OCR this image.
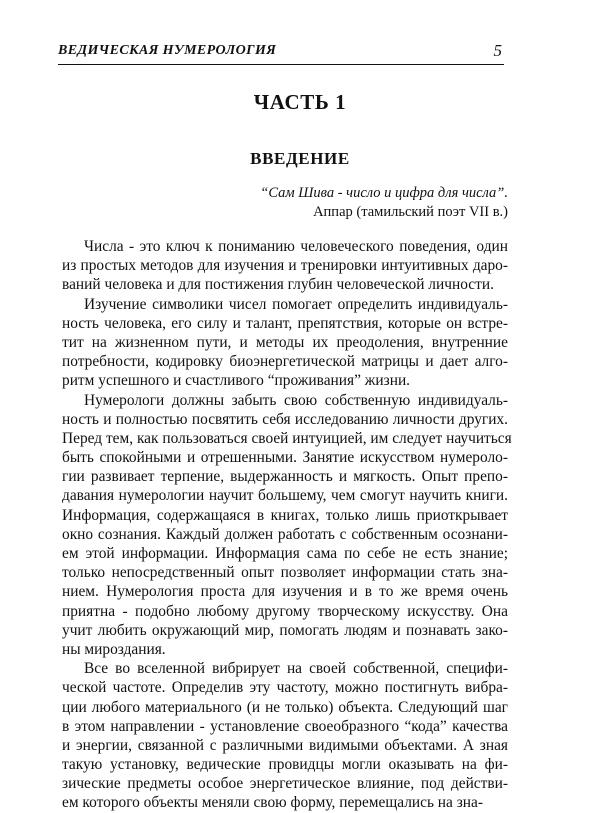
ВЕДИЧЕСКАЯ НУМЕРОЛОГИЯ	5
ЧАСТЬ 1
ВВЕДЕНИЕ
“Сам Шива - число и цифра для числа”.
Аппар (тамильский поэт VII в.)
Числа - это ключ к пониманию человеческого поведения, один
из простых методов для изучения и тренировки интуитивных даро-
ваний человека и для постижения глубин человеческой личности.
Изучение символики чисел помогает определить индивидуаль-
ность человека, его силу и талант, препятствия, которые он встре-
тит на жизненном пути, и методы их преодоления, внутренние
потребности, кодировку биоэнергетической матрицы и дает алго-
ритм успешного и счастливого “проживания” жизни.
Нумерологи должны забыть свою собственную индивидуаль-
ность и полностью посвятить себя исследованию личности других.
Перед тем, как пользоваться своей интуицией, им следует научиться
быть спокойными и отрешенными. Занятие искусством нумероло-
гии развивает терпение, выдержанность и мягкость. Опыт препо-
давания нумерологии научит большему, чем смогут научить книги.
Информация, содержащаяся в книгах, только лишь приоткрывает
окно сознания. Каждый должен работать с собственным осознани-
ем этой информации. Информация сама по себе не есть знание;
только непосредственный опыт позволяет информации стать зна-
нием. Нумерология проста для изучения и в то же время очень
приятна - подобно любому другому творческому искусству. Она
учит любить окружающий мир, помогать людям и познавать зако-
ны мироздания.
Все во вселенной вибрирует на своей собственной, специфи-
ческой частоте. Определив эту частоту, можно постигнуть вибра-
ции любого материального (и не только) объекта. Следующий шаг
в этом направлении - установление своеобразного “кода” качества
и энергии, связанной с различными видимыми объектами. А зная
такую установку, ведические провидцы могли оказывать на фи-
зические предметы особое энергетическое влияние, под действи-
ем которого объекты меняли свою форму, перемещались на зна-
